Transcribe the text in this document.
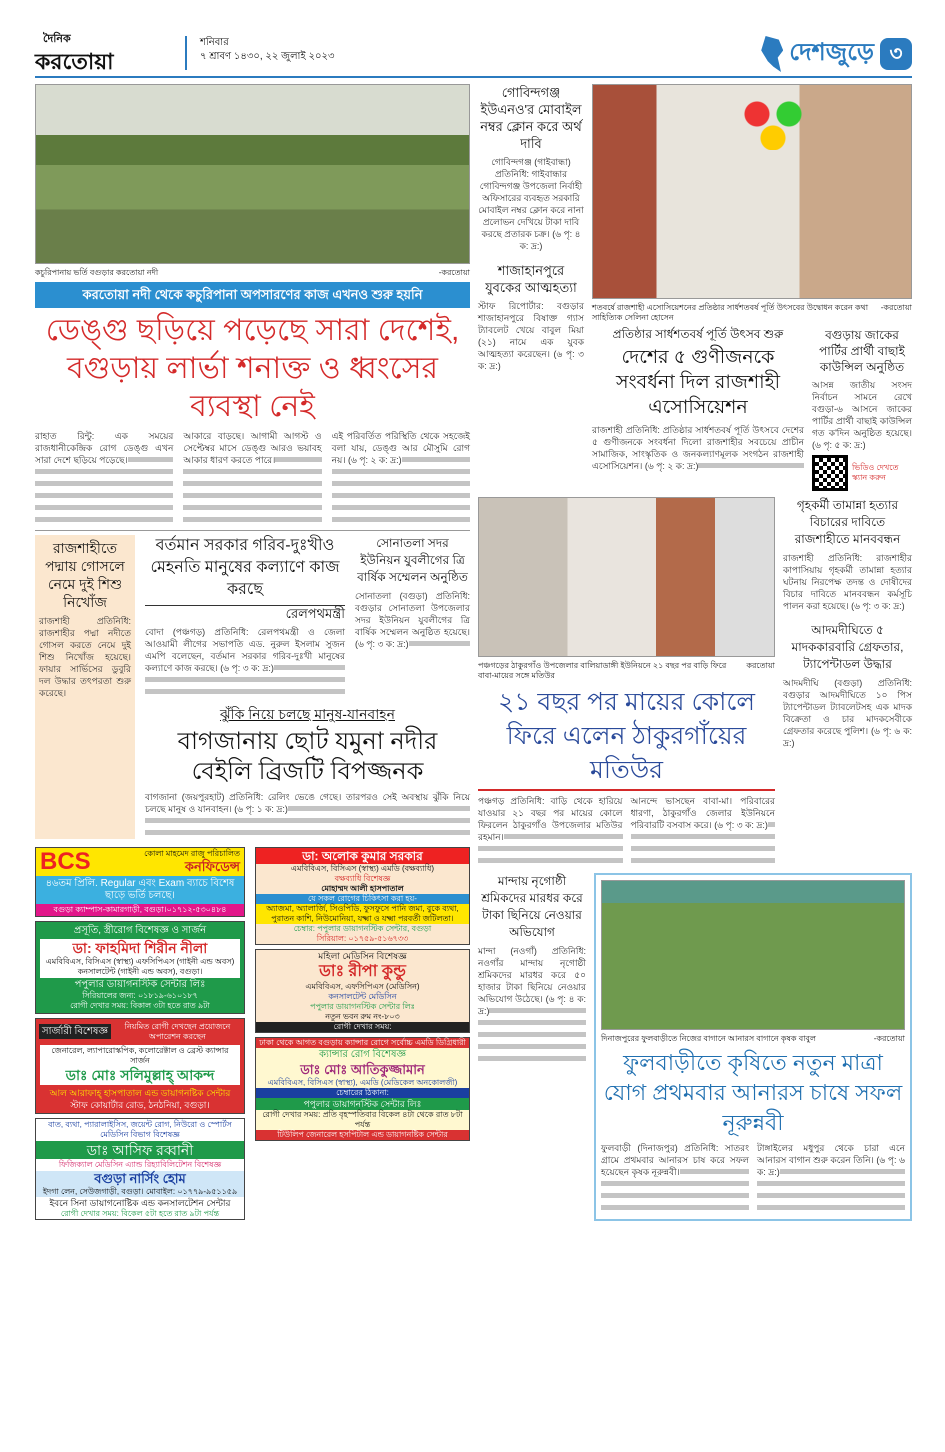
দৈনিক
করতোয়া
শনিবার
৭ শ্রাবণ ১৪৩০, ২২ জুলাই ২০২৩	দেশজুড়ে ৩
কচুরিপানায় ভর্তি বগুড়ার করতোয়া নদী	-করতোয়া
করতোয়া নদী থেকে কচুরিপানা অপসারণের কাজ এখনও শুরু হয়নি
ডেঙ্গু ছড়িয়ে পড়েছে সারা দেশেই, বগুড়ায় লার্ভা শনাক্ত ও ধ্বংসের ব্যবস্থা নেই
রাহাত রিন্টু: এক সময়ের রাজধানীকেন্দ্রিক রোগ ডেঙ্গু এখন সারা দেশে ছড়িয়ে পড়েছে।
আকারে বাড়ছে। আগামী আগস্ট ও সেপ্টেম্বর মাসে ডেঙ্গু আরও ভয়াবহ আকার ধারণ করতে পারে।
এই পরিবর্তিত পরিস্থিতি থেকে সহজেই বলা যায়, ডেঙ্গু আর মৌসুমি রোগ নয়। (৬ পৃ: ২ ক: দ্র:)
রাজশাহীতে পদ্মায় গোসলে নেমে দুই শিশু নিখোঁজ
রাজশাহী প্রতিনিধি: রাজশাহীর পদ্মা নদীতে গোসল করতে নেমে দুই শিশু নিখোঁজ হয়েছে। ফায়ার সার্ভিসের ডুবুরি দল উদ্ধার তৎপরতা শুরু করেছে।
বর্তমান সরকার গরিব-দুঃখীও মেহনতি মানুষের কল্যাণে কাজ করছে
রেলপথমন্ত্রী
বোদা (পঞ্চগড়) প্রতিনিধি: রেলপথমন্ত্রী ও জেলা আওয়ামী লীগের সভাপতি এড. নুরুল ইসলাম সুজন এমপি বলেছেন, বর্তমান সরকার গরিব-দুঃখী মানুষের কল্যাণে কাজ করছে। (৬ পৃ: ৩ ক: দ্র:)
সোনাতলা সদর ইউনিয়ন যুবলীগের ত্রি বার্ষিক সম্মেলন অনুষ্ঠিত
সোনাতলা (বগুড়া) প্রতিনিধি: বগুড়ার সোনাতলা উপজেলার সদর ইউনিয়ন যুবলীগের ত্রি বার্ষিক সম্মেলন অনুষ্ঠিত হয়েছে। (৬ পৃ: ৩ ক: দ্র:)
ঝুঁকি নিয়ে চলছে মানুষ-যানবাহন
বাগজানায় ছোট যমুনা নদীর বেইলি ব্রিজটি বিপজ্জনক
বাগজানা (জয়পুরহাট) প্রতিনিধি: রেলিং ভেঙে গেছে। তারপরও সেই অবস্থায় ঝুঁকি নিয়ে চলছে মানুষ ও যানবাহন। (৬ পৃ: ১ ক: দ্র:)
BCS	কোলা মাহমেদ রাজু পরিচালিত
কনফিডেন্স
৪৬তম প্রিলি. Regular এবং Exam ব্যাচে বিশেষ ছাড়ে ভর্তি চলছে।
বগুড়া ক্যাম্পাস-কামারগাড়ী, বগুড়া।০১৭১২-৫৩০৪৮৪
প্রসূতি, স্ত্রীরোগ বিশেষজ্ঞ ও সার্জন
ডা: ফাহমিদা শিরীন নীলা
এমবিবিএস, বিসিএস (স্বাস্থ্য) এফসিপিএস (গাইনী এন্ড অবস) কনসালটেন্ট (গাইনী এন্ড অবস), বগুড়া।
পপুলার ডায়াগনস্টিক সেন্টার লিঃ
সিরিয়ালের জন্য: ০১৮১৯-৬১০১৮৭
রোগী দেখার সময়: বিকাল ৩টা হতে রাত ৯টা
সার্জারী বিশেষজ্ঞ	নিয়মিত রোগী দেখছেন প্রয়োজনে অপারেশন করছেন
জেনারেল, ল্যাপারোস্কপিক, কলোরেক্টাল ও ব্রেস্ট ক্যান্সার সার্জন
ডাঃ মোঃ সলিমুল্লাহ্ আকন্দ
আল আরাফাহ্ হাসপাতাল এন্ড ডায়াগনষ্টিক সেন্টার
স্টাফ কোয়ার্টার রোড, ঠনঠনিয়া, বগুড়া।
বাত, ব্যথা, প্যারালাইসিস, জয়েন্ট রোগ, নিউরো ও স্পোর্টস মেডিসিন বিভাগ বিশেষজ্ঞ
ডাঃ আসিফ রব্বানী
ফিজিক্যাল মেডিসিন এ্যান্ড রিহ্যাবিলিটেশন বিশেষজ্ঞ
বগুড়া নার্সিং হোম
ইদগা লেন, সেউজগাড়ী, বগুড়া। মোবাইল: ০১৭৭৯-৯৫১১৫৯
ইবনে সিনা ডায়াগনোষ্টিক এন্ড কনসালটেশন সেন্টার
রোগী দেখার সময়: বিকেল ৫টা হতে রাত ৯টা পর্যন্ত
ডা: অলোক কুমার সরকার
এমবিবিএস, বিসিএস (স্বাস্থ্য) এমডি (বক্ষব্যাধি)
বক্ষব্যাধি বিশেষজ্ঞ
মোহাম্মদ আলী হাসপাতাল
যে সকল রোগের চিকিৎসা করা হয়-
অ্যাজমা, অ্যালার্জি, সিওপিডি, ফুসফুসে পানি জমা, বুকে ব্যথা, পুরাতন কাশি, নিউমোনিয়া, যক্ষ্মা ও যক্ষ্মা পরবর্তী জটিলতা।
চেম্বার: পপুলার ডায়াগনস্টিক সেন্টার, বগুড়া
সিরিয়াল: ০১৭৫৯-৫১৬৭৩৩
মহিলা মেডিসিন বিশেষজ্ঞ
ডাঃ রীপা কুন্ডু
এমবিবিএস, এফসিপিএস (মেডিসিন)
কনসালটেন্ট মেডিসিন
পপুলার ডায়াগনস্টিক সেন্টার লিঃ
নতুন ভবন রুম নং-৮০৩
রোগী দেখার সময়:
ঢাকা থেকে আগত বগুড়ায় ক্যান্সার রোগে সর্বোচ্চ এমডি ডিগ্রিধারী
ক্যান্সার রোগ বিশেষজ্ঞ
ডাঃ মোঃ আতিকুজ্জামান
এমবিবিএস, বিসিএস (স্বাস্থ্য), এমডি (মেডিকেল অনকোলজী)
চেম্বারের ঠিকানা:
পপুলার ডায়াগনস্টিক সেন্টার লিঃ
রোগী দেখার সময়: প্রতি বৃহস্পতিবার বিকেল ৪টা থেকে রাত ৮টা পর্যন্ত
টিউলিপ জেনারেল হসপিটাল এন্ড ডায়াগনষ্টিক সেন্টার
গোবিন্দগঞ্জ ইউএনও'র মোবাইল নম্বর ক্লোন করে অর্থ দাবি
গোবিন্দগঞ্জ (গাইবান্ধা) প্রতিনিধি: গাইবান্ধার গোবিন্দগঞ্জ উপজেলা নির্বাহী অফিসারের ব্যবহৃত সরকারি মোবাইল নম্বর ক্লোন করে নানা প্রলোভন দেখিয়ে টাকা দাবি করছে প্রতারক চক্র। (৬ পৃ: ৪ ক: দ্র:)
শাজাহানপুরে যুবকের আত্মহত্যা
স্টাফ রিপোর্টার: বগুড়ার শাজাহানপুরে বিষাক্ত গ্যাস ট্যাবলেট খেয়ে বাবুল মিয়া (২১) নামে এক যুবক আত্মহত্যা করেছেন। (৬ পৃ: ৩ ক: দ্র:)
শতবর্ষে রাজশাহী এসোসিয়েশনের প্রতিষ্ঠার সার্ধশতবর্ষ পূর্তি উৎসবের উদ্বোধন করেন কথা সাহিত্যিক সেলিনা হোসেন
-করতোয়া
প্রতিষ্ঠার সার্ধশতবর্ষ পূর্তি উৎসব শুরু
দেশের ৫ গুণীজনকে সংবর্ধনা দিল রাজশাহী এসোসিয়েশন
রাজশাহী প্রতিনিধি: প্রতিষ্ঠার সার্ধশতবর্ষ পূর্তি উৎসবে দেশের ৫ গুণীজনকে সংবর্ধনা দিলো রাজশাহীর সবচেয়ে প্রাচীন সামাজিক, সাংস্কৃতিক ও জনকল্যাণমূলক সংগঠন রাজশাহী এসোসিয়েশন। (৬ পৃ: ২ ক: দ্র:)
বগুড়ায় জাকের পার্টির প্রার্থী বাছাই কাউন্সিল অনুষ্ঠিত
আসন্ন জাতীয় সংসদ নির্বাচন সামনে রেখে বগুড়া-৬ আসনে জাকের পার্টির প্রার্থী বাছাই কাউন্সিল গত ক'দিন অনুষ্ঠিত হয়েছে। (৬ পৃ: ৫ ক: দ্র:)
ভিডিও দেখতে স্ক্যান করুন
পঞ্চগড়ের ঠাকুরগাঁও উপজেলার বালিয়াডাঙ্গী ইউনিয়নে ২১ বছর পর বাড়ি ফিরে বাবা-মায়ের সঙ্গে মতিউর
করতোয়া
২১ বছর পর মায়ের কোলে ফিরে এলেন ঠাকুরগাঁয়ের মতিউর
পঞ্চগড় প্রতিনিধি: বাড়ি থেকে হারিয়ে যাওয়ার ২১ বছর পর মায়ের কোলে ফিরলেন ঠাকুরগাঁও উপজেলার মতিউর রহমান।
আনন্দে ভাসছেন বাবা-মা। পরিবারের ধারণা, ঠাকুরগাঁও জেলার ইউনিয়নে পরিবারটি বসবাস করে। (৬ পৃ: ৩ ক: দ্র:)
গৃহকর্মী তামান্না হত্যার বিচারের দাবিতে রাজশাহীতে মানববন্ধন
রাজশাহী প্রতিনিধি: রাজশাহীর কাপাসিয়ায় গৃহকর্মী তামান্না হত্যার ঘটনায় নিরপেক্ষ তদন্ত ও দোষীদের বিচার দাবিতে মানববন্ধন কর্মসূচি পালন করা হয়েছে। (৬ পৃ: ৩ ক: দ্র:)
আদমদীঘিতে ৫ মাদককারবারি গ্রেফতার, ট্যাপেন্টাডল উদ্ধার
আদমদীঘি (বগুড়া) প্রতিনিধি: বগুড়ার আদমদীঘিতে ১০ পিস ট্যাপেন্টাডল ট্যাবলেটসহ এক মাদক বিক্রেতা ও চার মাদকসেবীকে গ্রেফতার করেছে পুলিশ। (৬ পৃ: ৬ ক: দ্র:)
মান্দায় নৃগোষ্ঠী শ্রমিকদের মারধর করে টাকা ছিনিয়ে নেওয়ার অভিযোগ
মান্দা (নওগাঁ) প্রতিনিধি: নওগাঁর মান্দায় নৃগোষ্ঠী শ্রমিকদের মারধর করে ৫০ হাজার টাকা ছিনিয়ে নেওয়ার অভিযোগ উঠেছে। (৬ পৃ: ৪ ক: দ্র:)
দিনাজপুরের ফুলবাড়ীতে নিজের বাগানে আনারস বাগানে কৃষক বাবুল	-করতোয়া
ফুলবাড়ীতে কৃষিতে নতুন মাত্রা যোগ প্রথমবার আনারস চাষে সফল নূরুন্নবী
ফুলবাড়ী (দিনাজপুর) প্রতিনিধি: সাতরং গ্রামে প্রথমবার আনারস চাষ করে সফল হয়েছেন কৃষক নূরুন্নবী।
টাঙ্গাইলের মধুপুর থেকে চারা এনে আনারস বাগান শুরু করেন তিনি। (৬ পৃ: ৬ ক: দ্র:)
